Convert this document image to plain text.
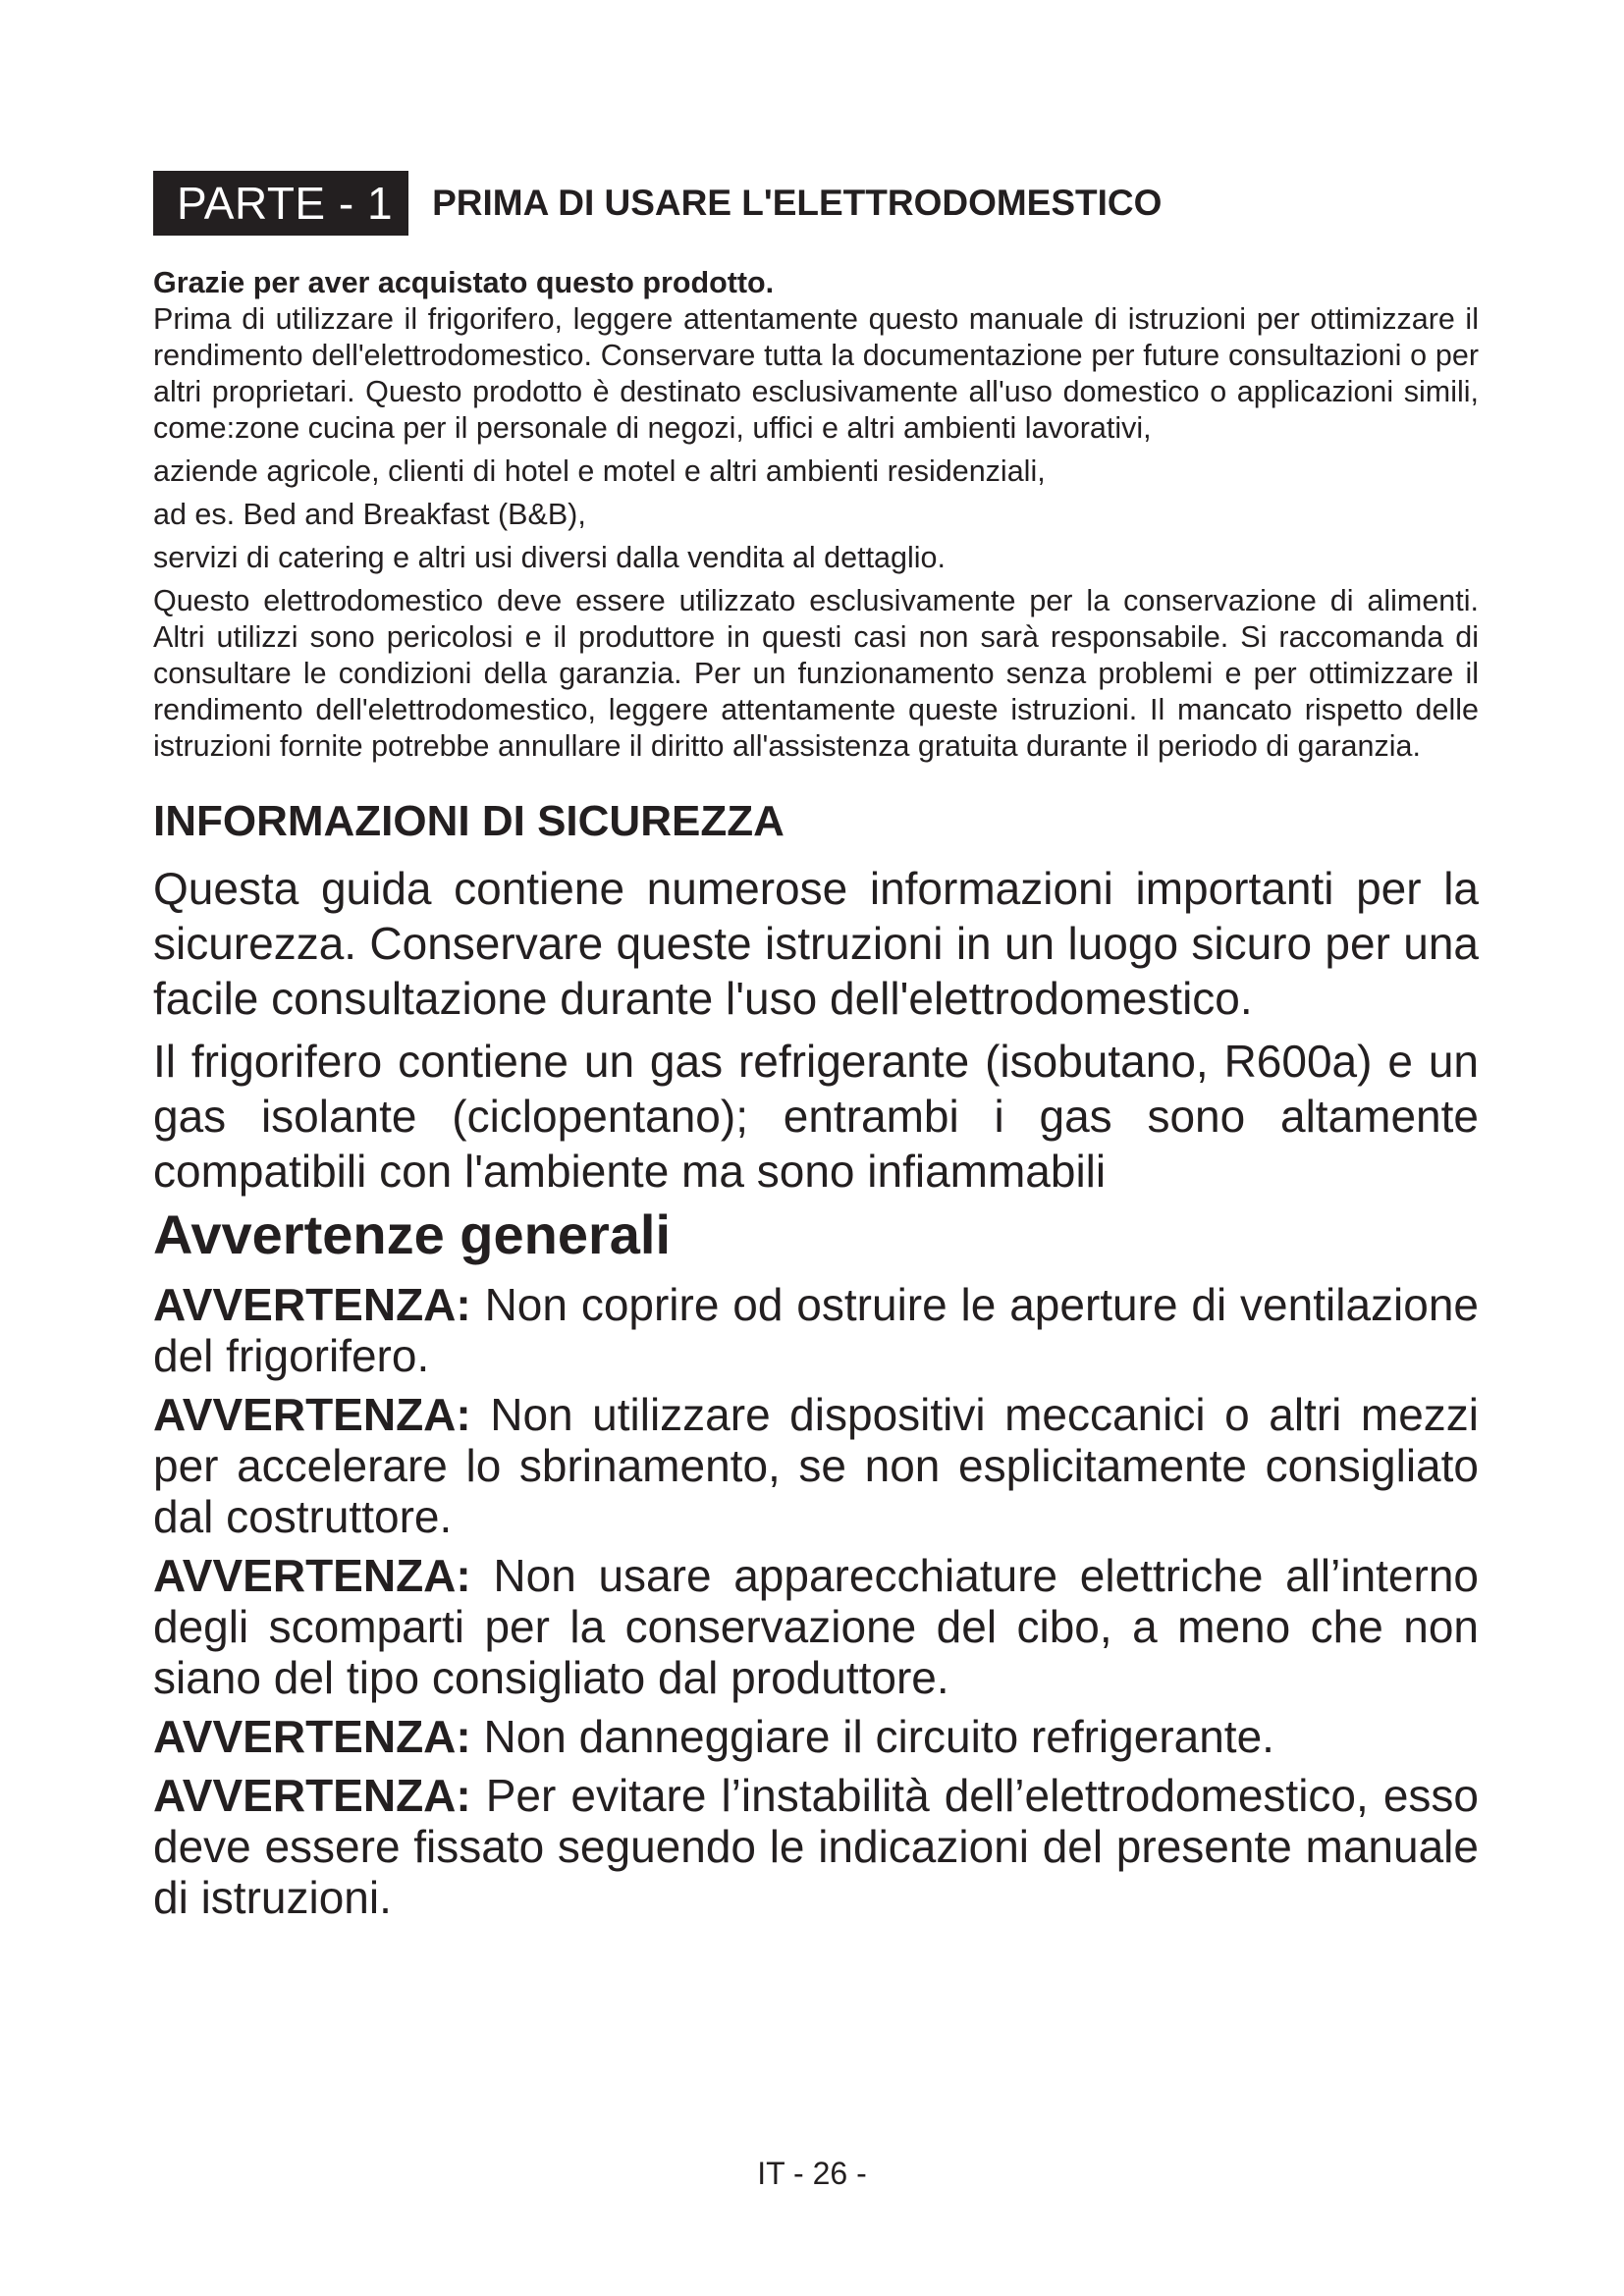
PARTE - 1	PRIMA DI USARE L'ELETTRODOMESTICO

Grazie per aver acquistato questo prodotto.

Prima di utilizzare il frigorifero, leggere attentamente questo manuale di istruzioni per ottimizzare il rendimento dell'elettrodomestico. Conservare tutta la documentazione per future consultazioni o per altri proprietari. Questo prodotto è destinato esclusivamente all'uso domestico o applicazioni simili, come:zone cucina per il personale di negozi, uffici e altri ambienti lavorativi,

aziende agricole, clienti di hotel e motel e altri ambienti residenziali,

ad es. Bed and Breakfast (B&B),

servizi di catering e altri usi diversi dalla vendita al dettaglio.

Questo elettrodomestico deve essere utilizzato esclusivamente per la conservazione di alimenti. Altri utilizzi sono pericolosi e il produttore in questi casi non sarà responsabile. Si raccomanda di consultare le condizioni della garanzia. Per un funzionamento senza problemi e per ottimizzare il rendimento dell'elettrodomestico, leggere attentamente queste istruzioni. Il mancato rispetto delle istruzioni fornite potrebbe annullare il diritto all'assistenza gratuita durante il periodo di garanzia.

INFORMAZIONI DI SICUREZZA

Questa guida contiene numerose informazioni importanti per la sicurezza. Conservare queste istruzioni in un luogo sicuro per una facile consultazione durante l'uso dell'elettrodomestico.

Il frigorifero contiene un gas refrigerante (isobutano, R600a) e un gas isolante (ciclopentano); entrambi i gas sono altamente compatibili con l'ambiente ma sono infiammabili

Avvertenze generali

AVVERTENZA: Non coprire od ostruire le aperture di ventilazione del frigorifero.

AVVERTENZA: Non utilizzare dispositivi meccanici o altri mezzi per accelerare lo sbrinamento, se non esplicitamente consigliato dal costruttore.

AVVERTENZA: Non usare apparecchiature elettriche all’interno degli scomparti per la conservazione del cibo, a meno che non siano del tipo consigliato dal produttore.

AVVERTENZA: Non danneggiare il circuito refrigerante.

AVVERTENZA: Per evitare l’instabilità dell’elettrodomestico, esso deve essere fissato seguendo le indicazioni del presente manuale di istruzioni.

IT - 26 -
